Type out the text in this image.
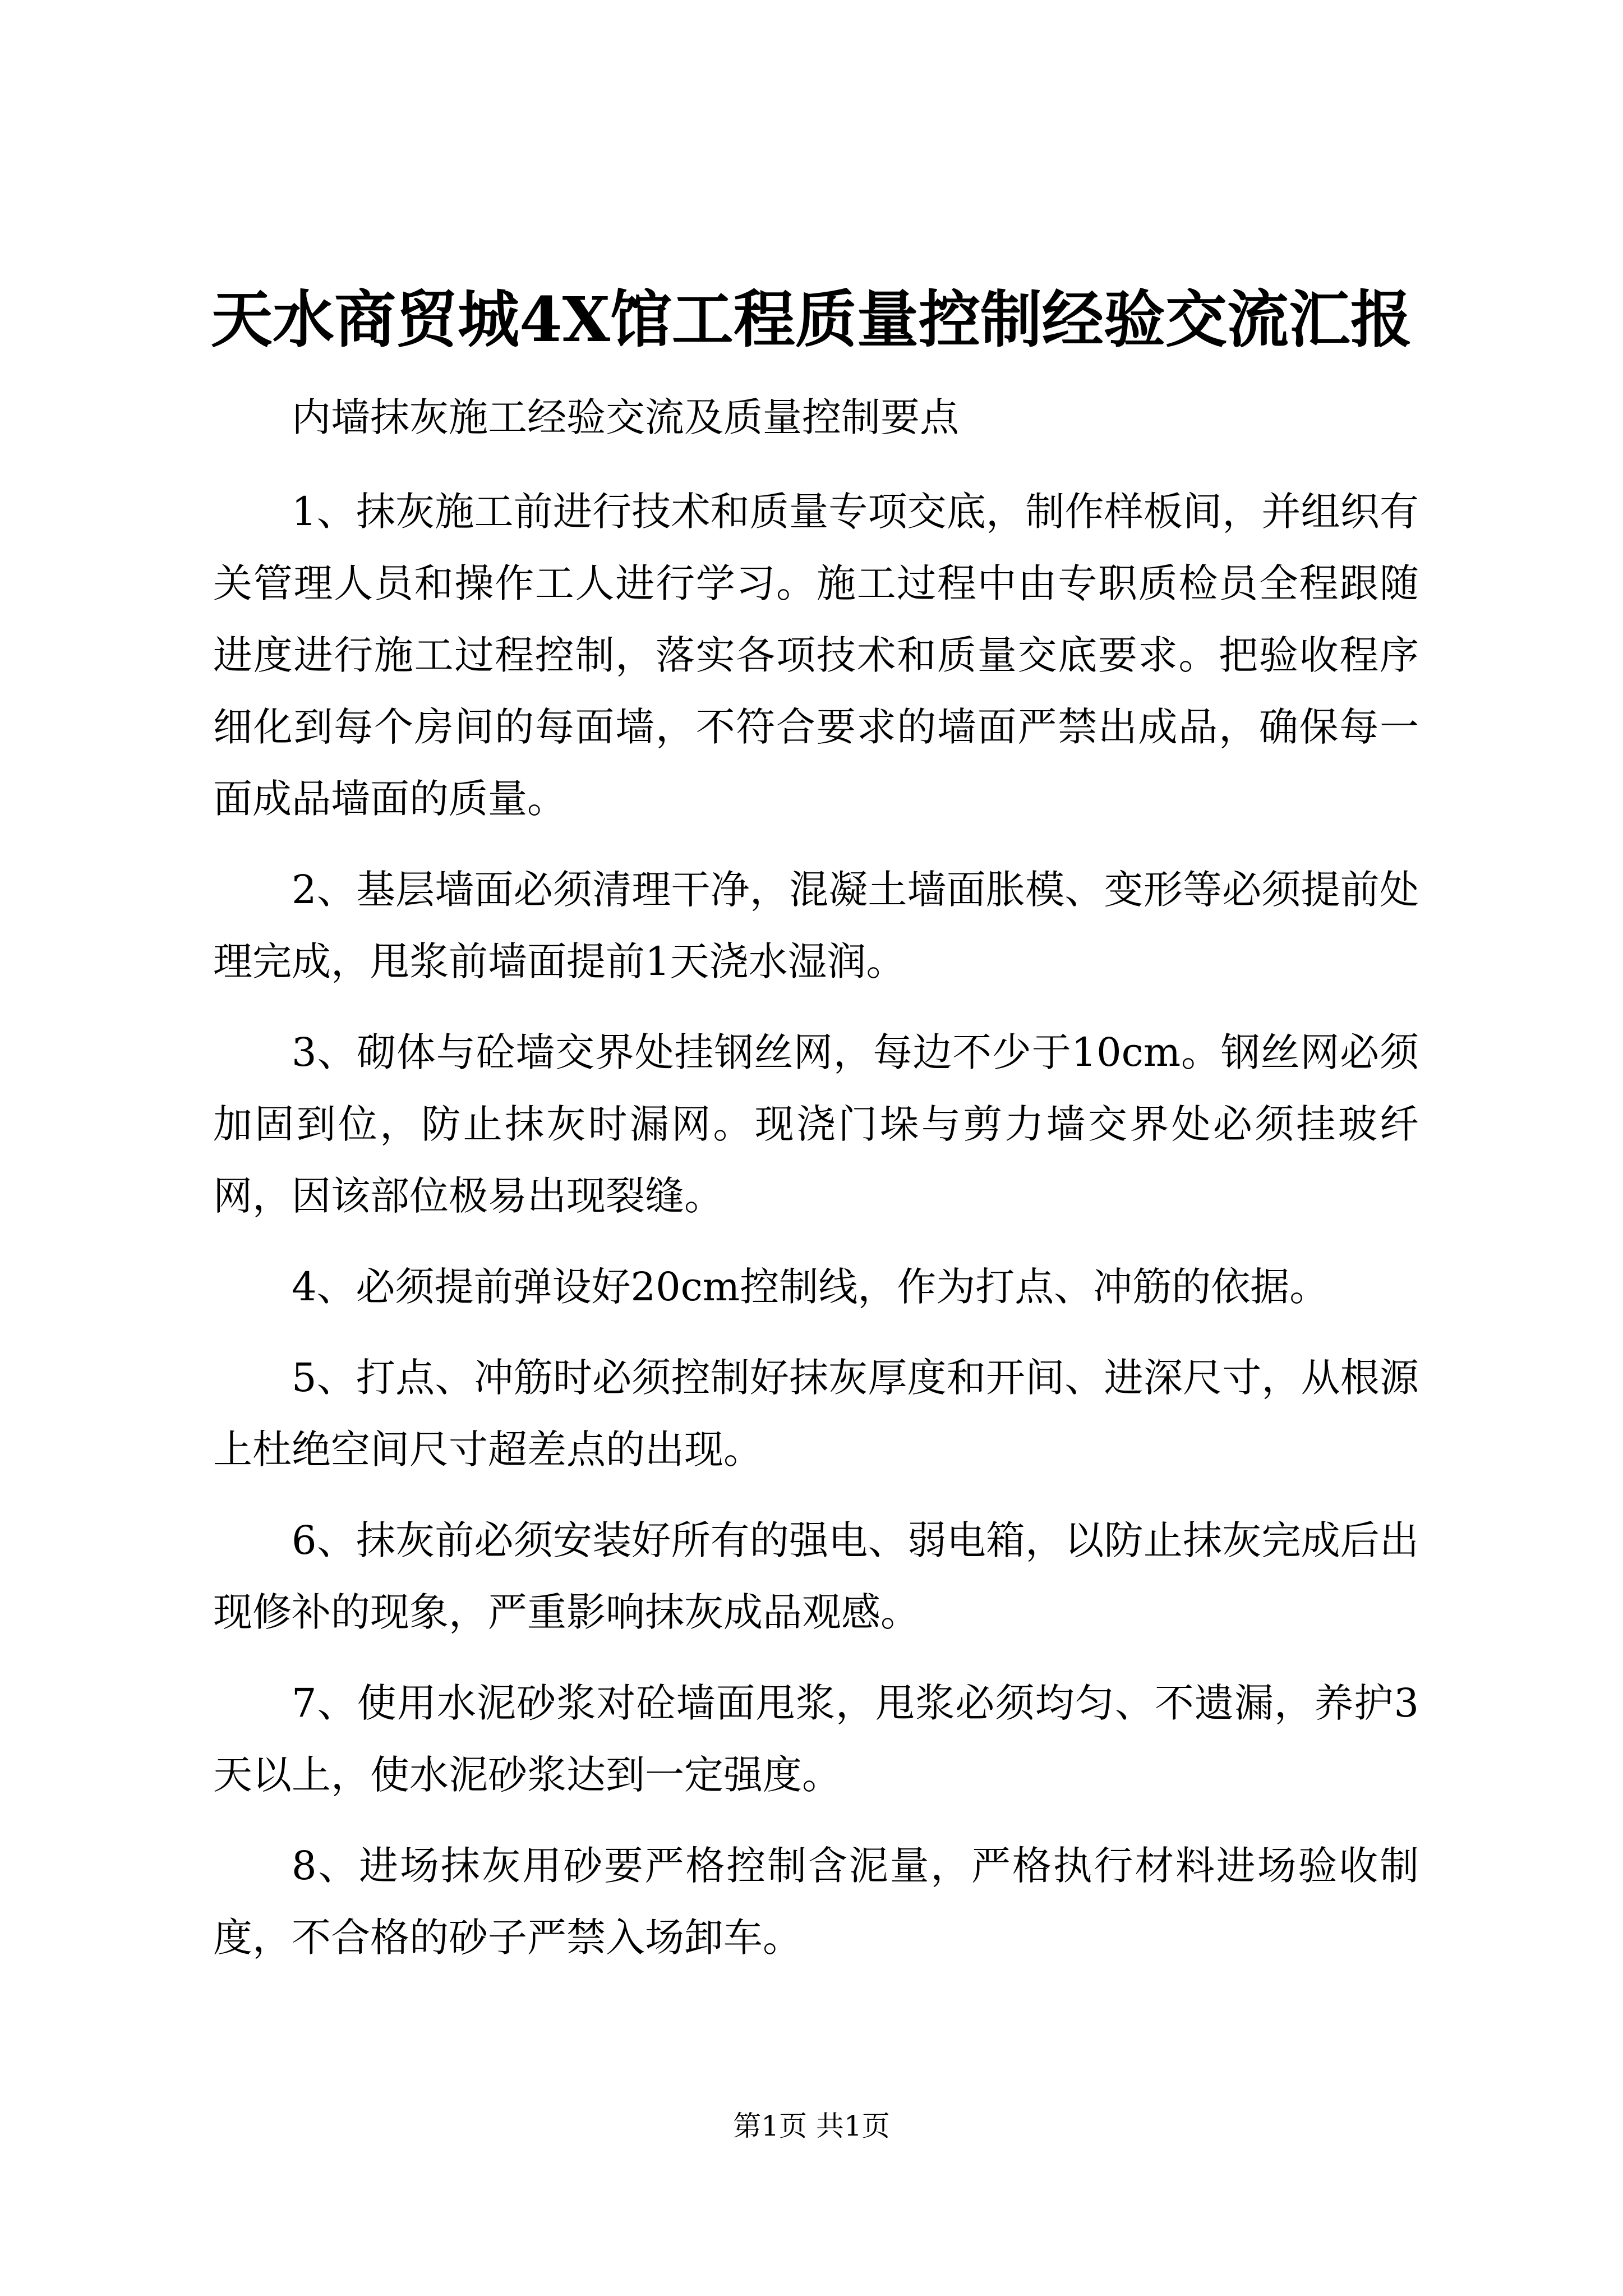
天水商贸城4X馆工程质量控制经验交流汇报

内墙抹灰施工经验交流及质量控制要点

1、抹灰施工前进行技术和质量专项交底，制作样板间，并组织有关管理人员和操作工人进行学习。施工过程中由专职质检员全程跟随进度进行施工过程控制，落实各项技术和质量交底要求。把验收程序细化到每个房间的每面墙，不符合要求的墙面严禁出成品，确保每一面成品墙面的质量。

2、基层墙面必须清理干净，混凝土墙面胀模、变形等必须提前处理完成，甩浆前墙面提前1天浇水湿润。

3、砌体与砼墙交界处挂钢丝网，每边不少于10cm。钢丝网必须加固到位，防止抹灰时漏网。现浇门垛与剪力墙交界处必须挂玻纤网，因该部位极易出现裂缝。

4、必须提前弹设好20cm控制线，作为打点、冲筋的依据。

5、打点、冲筋时必须控制好抹灰厚度和开间、进深尺寸，从根源上杜绝空间尺寸超差点的出现。

6、抹灰前必须安装好所有的强电、弱电箱，以防止抹灰完成后出现修补的现象，严重影响抹灰成品观感。

7、使用水泥砂浆对砼墙面甩浆，甩浆必须均匀、不遗漏，养护3天以上，使水泥砂浆达到一定强度。

8、进场抹灰用砂要严格控制含泥量，严格执行材料进场验收制度，不合格的砂子严禁入场卸车。

第1页 共1页
